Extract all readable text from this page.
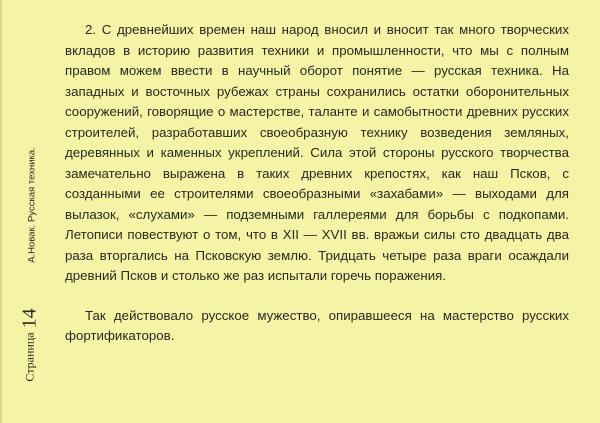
А.Новак. Русская техника.
Страница14

2. С древнейших времен наш народ вносил и вносит так много творческих вкладов в историю развития техники и промышленности, что мы с полным правом можем ввести в научный оборот понятие — русская техника. На западных и восточных рубежах страны сохранились остатки оборонительных сооружений, говорящие о мастерстве, таланте и самобытности древних русских строителей, разработавших своеобразную технику возведения земляных, деревянных и каменных укреплений. Сила этой стороны русского творчества замечательно выражена в таких древних крепостях, как наш Псков, с созданными ее строителями своеобразными «захабами» — выходами для вылазок, «слухами» — подземными галлереями для борьбы с подкопами. Летописи повествуют о том, что в XII — XVII вв. вражьи силы сто двадцать два раза вторгались на Псковскую землю. Тридцать четыре раза враги осаждали древний Псков и столько же раз испытали горечь поражения.

Так действовало русское мужество, опиравшееся на мастерство русских фортификаторов.
